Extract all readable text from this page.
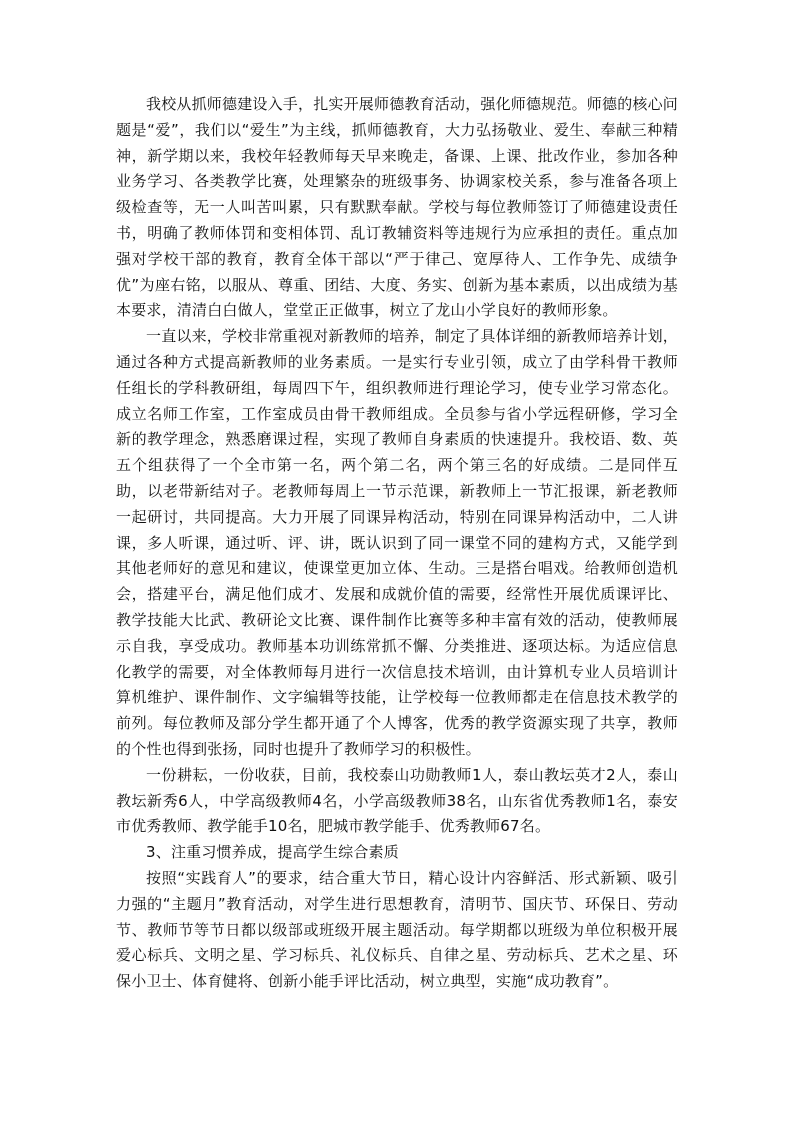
我校从抓师德建设入手，扎实开展师德教育活动，强化师德规范。师德的核心问题是“爱”，我们以“爱生”为主线，抓师德教育，大力弘扬敬业、爱生、奉献三种精神，新学期以来，我校年轻教师每天早来晚走，备课、上课、批改作业，参加各种业务学习、各类教学比赛，处理繁杂的班级事务、协调家校关系，参与准备各项上级检查等，无一人叫苦叫累，只有默默奉献。学校与每位教师签订了师德建设责任书，明确了教师体罚和变相体罚、乱订教辅资料等违规行为应承担的责任。重点加强对学校干部的教育，教育全体干部以“严于律己、宽厚待人、工作争先、成绩争优”为座右铭，以服从、尊重、团结、大度、务实、创新为基本素质，以出成绩为基本要求，清清白白做人，堂堂正正做事，树立了龙山小学良好的教师形象。

一直以来，学校非常重视对新教师的培养，制定了具体详细的新教师培养计划，通过各种方式提高新教师的业务素质。一是实行专业引领，成立了由学科骨干教师任组长的学科教研组，每周四下午，组织教师进行理论学习，使专业学习常态化。成立名师工作室，工作室成员由骨干教师组成。全员参与省小学远程研修，学习全新的教学理念，熟悉磨课过程，实现了教师自身素质的快速提升。我校语、数、英五个组获得了一个全市第一名，两个第二名，两个第三名的好成绩。二是同伴互助，以老带新结对子。老教师每周上一节示范课，新教师上一节汇报课，新老教师一起研讨，共同提高。大力开展了同课异构活动，特别在同课异构活动中，二人讲课，多人听课，通过听、评、讲，既认识到了同一课堂不同的建构方式，又能学到其他老师好的意见和建议，使课堂更加立体、生动。三是搭台唱戏。给教师创造机会，搭建平台，满足他们成才、发展和成就价值的需要，经常性开展优质课评比、教学技能大比武、教研论文比赛、课件制作比赛等多种丰富有效的活动，使教师展示自我，享受成功。教师基本功训练常抓不懈、分类推进、逐项达标。为适应信息化教学的需要，对全体教师每月进行一次信息技术培训，由计算机专业人员培训计算机维护、课件制作、文字编辑等技能，让学校每一位教师都走在信息技术教学的前列。每位教师及部分学生都开通了个人博客，优秀的教学资源实现了共享，教师的个性也得到张扬，同时也提升了教师学习的积极性。

一份耕耘，一份收获，目前，我校泰山功勋教师1人，泰山教坛英才2人，泰山教坛新秀6人，中学高级教师4名，小学高级教师38名，山东省优秀教师1名，泰安市优秀教师、教学能手10名，肥城市教学能手、优秀教师67名。

3、注重习惯养成，提高学生综合素质

按照“实践育人”的要求，结合重大节日，精心设计内容鲜活、形式新颖、吸引力强的“主题月”教育活动，对学生进行思想教育，清明节、国庆节、环保日、劳动节、教师节等节日都以级部或班级开展主题活动。每学期都以班级为单位积极开展爱心标兵、文明之星、学习标兵、礼仪标兵、自律之星、劳动标兵、艺术之星、环保小卫士、体育健将、创新小能手评比活动，树立典型，实施“成功教育”。
